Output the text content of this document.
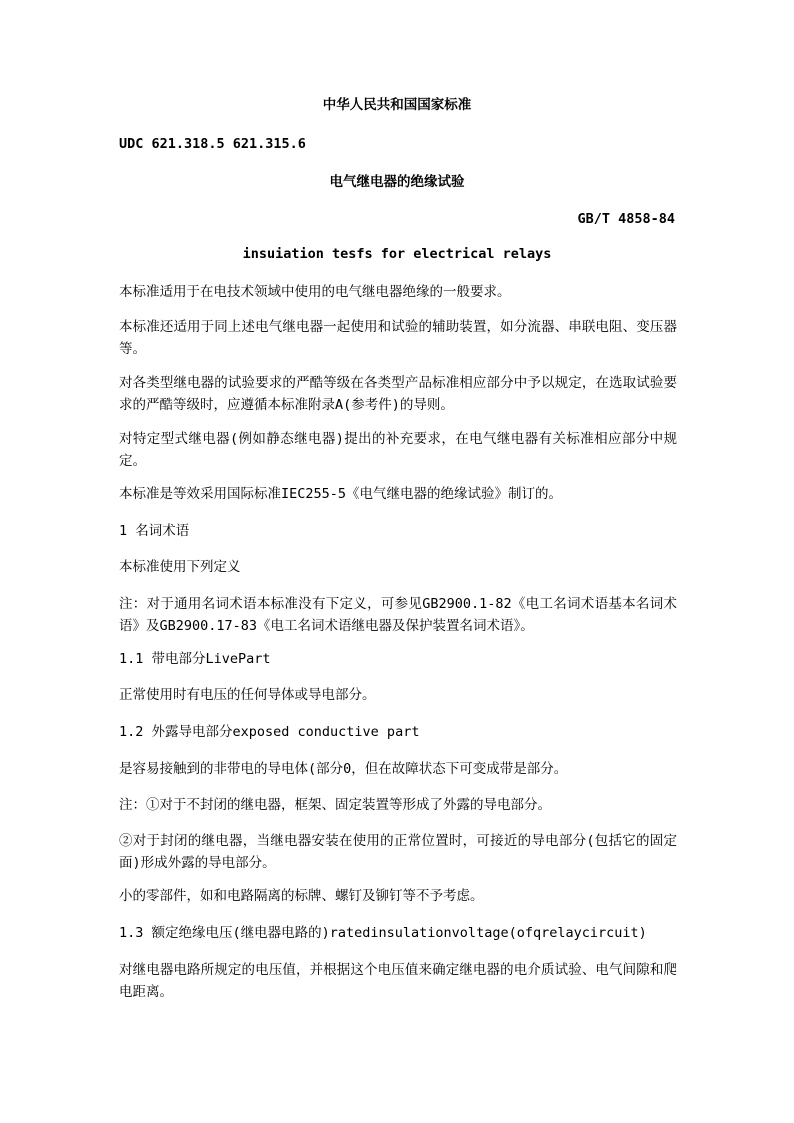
中华人民共和国国家标准

UDC 621.318.5 621.315.6

电气继电器的绝缘试验

GB/T 4858-84

insuiation tesfs for electrical relays

本标准适用于在电技术领域中使用的电气继电器绝缘的一般要求。

本标准还适用于同上述电气继电器一起使用和试验的辅助装置，如分流器、串联电阻、变压器等。

对各类型继电器的试验要求的严酷等级在各类型产品标准相应部分中予以规定，在选取试验要求的严酷等级时，应遵循本标准附录A(参考件)的导则。

对特定型式继电器(例如静态继电器)提出的补充要求，在电气继电器有关标准相应部分中规定。

本标准是等效采用国际标准IEC255-5《电气继电器的绝缘试验》制订的。

1 名词术语

本标准使用下列定义

注：对于通用名词术语本标准没有下定义，可参见GB2900.1-82《电工名词术语基本名词术语》及GB2900.17-83《电工名词术语继电器及保护装置名词术语》。

1.1 带电部分LivePart

正常使用时有电压的任何导体或导电部分。

1.2 外露导电部分exposed conductive part

是容易接触到的非带电的导电体(部分0，但在故障状态下可变成带是部分。

注：①对于不封闭的继电器，框架、固定装置等形成了外露的导电部分。

②对于封闭的继电器，当继电器安装在使用的正常位置时，可接近的导电部分(包括它的固定面)形成外露的导电部分。

小的零部件，如和电路隔离的标牌、螺钉及铆钉等不予考虑。

1.3 额定绝缘电压(继电器电路的)ratedinsulationvoltage(ofqrelaycircuit)

对继电器电路所规定的电压值，并根据这个电压值来确定继电器的电介质试验、电气间隙和爬电距离。
